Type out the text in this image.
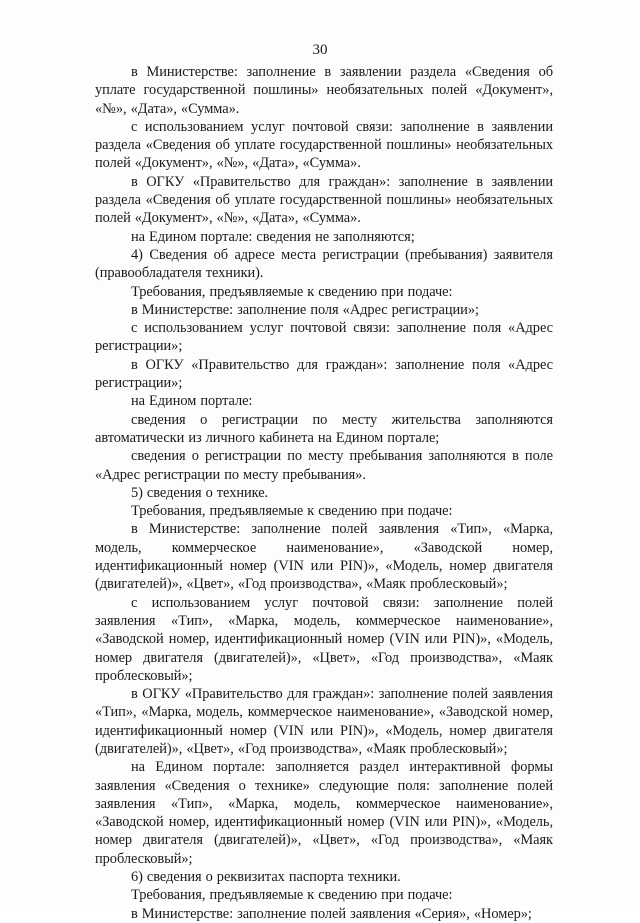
30

в Министерстве: заполнение в заявлении раздела «Сведения об уплате государственной пошлины» необязательных полей «Документ», «№», «Дата», «Сумма».

с использованием услуг почтовой связи: заполнение в заявлении раздела «Сведения об уплате государственной пошлины» необязательных полей «Документ», «№», «Дата», «Сумма».

в ОГКУ «Правительство для граждан»: заполнение в заявлении раздела «Сведения об уплате государственной пошлины» необязательных полей «Документ», «№», «Дата», «Сумма».

на Едином портале: сведения не заполняются;

4) Сведения об адресе места регистрации (пребывания) заявителя (правообладателя техники).

Требования, предъявляемые к сведению при подаче:

в Министерстве: заполнение поля «Адрес регистрации»;

с использованием услуг почтовой связи: заполнение поля «Адрес регистрации»;

в ОГКУ «Правительство для граждан»: заполнение поля «Адрес регистрации»;

на Едином портале:

сведения о регистрации по месту жительства заполняются автоматически из личного кабинета на Едином портале;

сведения о регистрации по месту пребывания заполняются в поле «Адрес регистрации по месту пребывания».

5) сведения о технике.

Требования, предъявляемые к сведению при подаче:

в Министерстве: заполнение полей заявления «Тип», «Марка, модель, коммерческое наименование», «Заводской номер, идентификационный номер (VIN или PIN)», «Модель, номер двигателя (двигателей)», «Цвет», «Год производства», «Маяк проблесковый»;

с использованием услуг почтовой связи: заполнение полей заявления «Тип», «Марка, модель, коммерческое наименование», «Заводской номер, идентификационный номер (VIN или PIN)», «Модель, номер двигателя (двигателей)», «Цвет», «Год производства», «Маяк проблесковый»;

в ОГКУ «Правительство для граждан»: заполнение полей заявления «Тип», «Марка, модель, коммерческое наименование», «Заводской номер, идентификационный номер (VIN или PIN)», «Модель, номер двигателя (двигателей)», «Цвет», «Год производства», «Маяк проблесковый»;

на Едином портале: заполняется раздел интерактивной формы заявления «Сведения о технике» следующие поля: заполнение полей заявления «Тип», «Марка, модель, коммерческое наименование», «Заводской номер, идентификационный номер (VIN или PIN)», «Модель, номер двигателя (двигателей)», «Цвет», «Год производства», «Маяк проблесковый»;

6) сведения о реквизитах паспорта техники.

Требования, предъявляемые к сведению при подаче:

в Министерстве: заполнение полей заявления «Серия», «Номер»;
